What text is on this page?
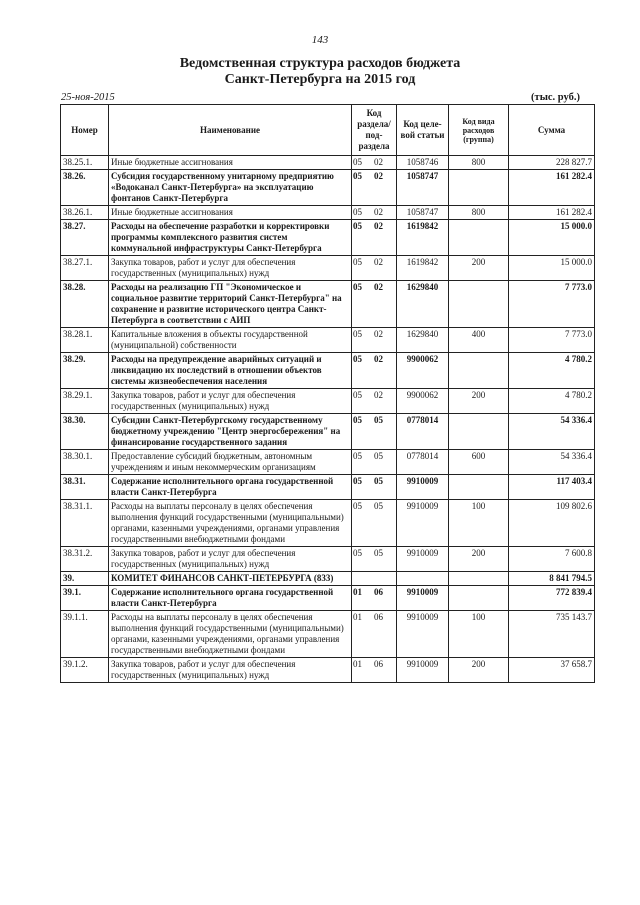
143
Ведомственная структура расходов бюджета
Санкт-Петербурга на 2015 год
25-ноя-2015	(тыс. руб.)
Номер	Наименование	Код раздела/ под- раздела	Код целе- вой статьи	Код вида расходов (группа)	Сумма
38.25.1.	Иные бюджетные ассигнования	05 02	1058746	800	228 827.7
38.26.	Субсидия государственному унитарному предприятию «Водоканал Санкт-Петербурга» на эксплуатацию фонтанов Санкт-Петербурга	05 02	1058747		161 282.4
38.26.1.	Иные бюджетные ассигнования	05 02	1058747	800	161 282.4
38.27.	Расходы на обеспечение разработки и корректировки программы комплексного развития систем коммунальной инфраструктуры Санкт-Петербурга	05 02	1619842		15 000.0
38.27.1.	Закупка товаров, работ и услуг для обеспечения государственных (муниципальных) нужд	05 02	1619842	200	15 000.0
38.28.	Расходы на реализацию ГП "Экономическое и социальное развитие территорий Санкт-Петербурга" на сохранение и развитие исторического центра Санкт-Петербурга в соответствии с АИП	05 02	1629840		7 773.0
38.28.1.	Капитальные вложения в объекты государственной (муниципальной) собственности	05 02	1629840	400	7 773.0
38.29.	Расходы на предупреждение аварийных ситуаций и ликвидацию их последствий в отношении объектов системы жизнеобеспечения населения	05 02	9900062		4 780.2
38.29.1.	Закупка товаров, работ и услуг для обеспечения государственных (муниципальных) нужд	05 02	9900062	200	4 780.2
38.30.	Субсидии Санкт-Петербургскому государственному бюджетному учреждению "Центр энергосбережения" на финансирование государственного задания	05 05	0778014		54 336.4
38.30.1.	Предоставление субсидий бюджетным, автономным учреждениям и иным некоммерческим организациям	05 05	0778014	600	54 336.4
38.31.	Содержание исполнительного органа государственной власти Санкт-Петербурга	05 05	9910009		117 403.4
38.31.1.	Расходы на выплаты персоналу в целях обеспечения выполнения функций государственными (муниципальными) органами, казенными учреждениями, органами управления государственными внебюджетными фондами	05 05	9910009	100	109 802.6
38.31.2.	Закупка товаров, работ и услуг для обеспечения государственных (муниципальных) нужд	05 05	9910009	200	7 600.8
39.	КОМИТЕТ ФИНАНСОВ САНКТ-ПЕТЕРБУРГА (833)				8 841 794.5
39.1.	Содержание исполнительного органа государственной власти Санкт-Петербурга	01 06	9910009		772 839.4
39.1.1.	Расходы на выплаты персоналу в целях обеспечения выполнения функций государственными (муниципальными) органами, казенными учреждениями, органами управления государственными внебюджетными фондами	01 06	9910009	100	735 143.7
39.1.2.	Закупка товаров, работ и услуг для обеспечения государственных (муниципальных) нужд	01 06	9910009	200	37 658.7
